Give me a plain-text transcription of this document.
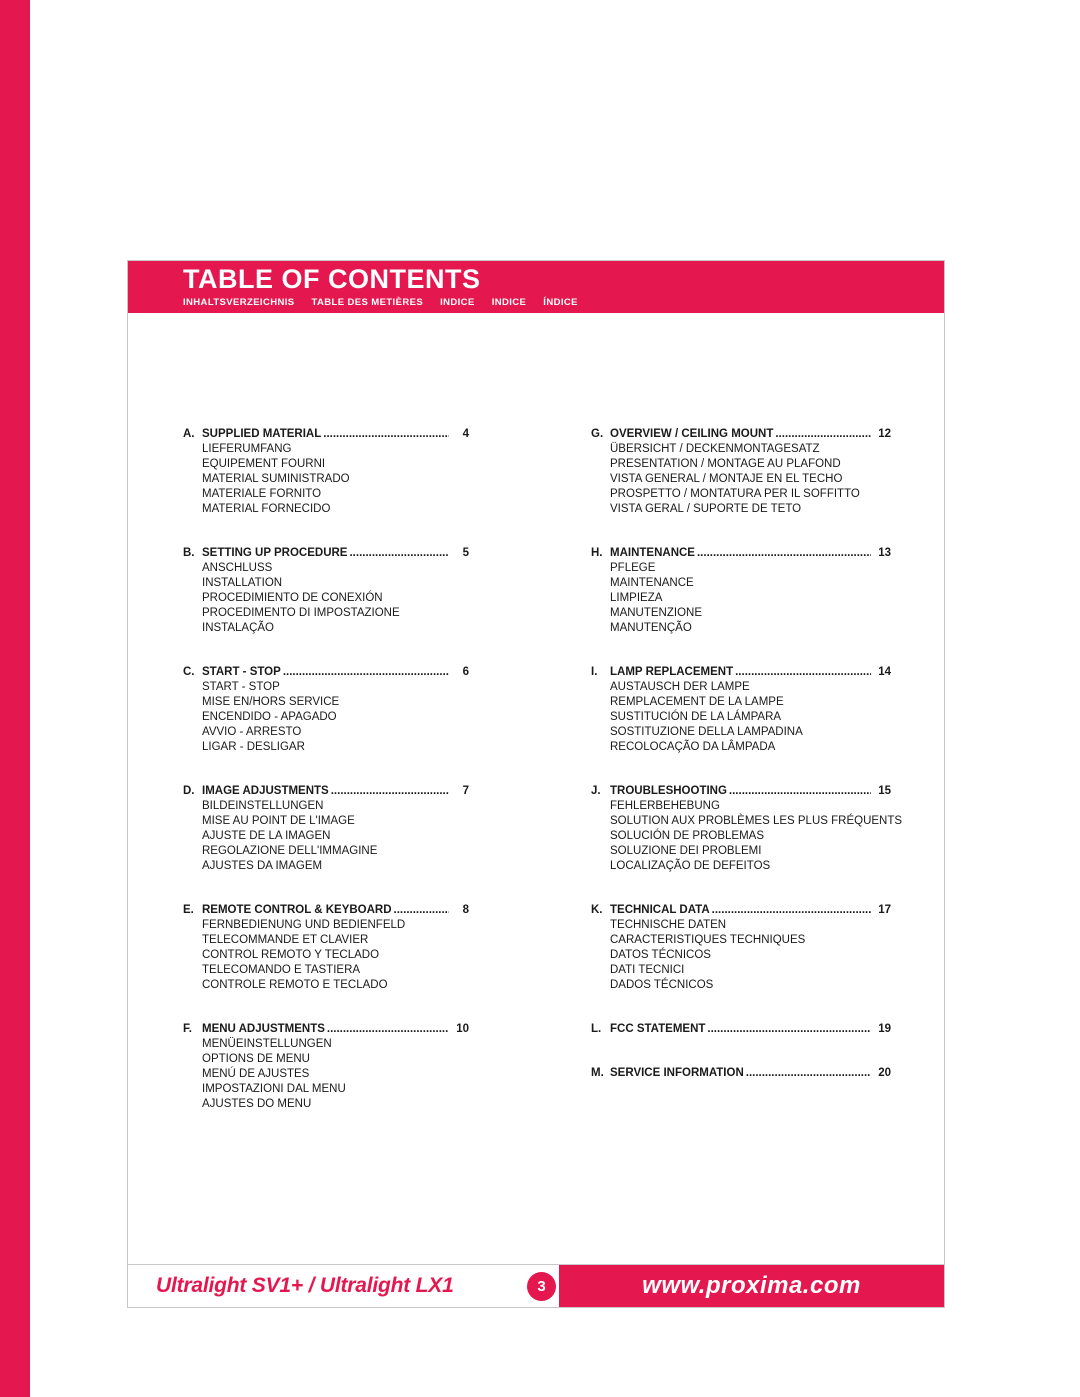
TABLE OF CONTENTS
INHALTSVERZEICHNIS TABLE DES METIÈRES INDICE INDICE ÍNDICE
A. SUPPLIED MATERIAL .....	4
LIEFERUMFANG
EQUIPEMENT FOURNI
MATERIAL SUMINISTRADO
MATERIALE FORNITO
MATERIAL FORNECIDO
B. SETTING UP PROCEDURE .....	5
ANSCHLUSS
INSTALLATION
PROCEDIMIENTO DE CONEXIÓN
PROCEDIMENTO DI IMPOSTAZIONE
INSTALAÇÃO
C. START - STOP .....	6
START - STOP
MISE EN/HORS SERVICE
ENCENDIDO - APAGADO
AVVIO - ARRESTO
LIGAR - DESLIGAR
D. IMAGE ADJUSTMENTS .....	7
BILDEINSTELLUNGEN
MISE AU POINT DE L'IMAGE
AJUSTE DE LA IMAGEN
REGOLAZIONE DELL'IMMAGINE
AJUSTES DA IMAGEM
E. REMOTE CONTROL & KEYBOARD .....	8
FERNBEDIENUNG UND BEDIENFELD
TELECOMMANDE ET CLAVIER
CONTROL REMOTO Y TECLADO
TELECOMANDO E TASTIERA
CONTROLE REMOTO E TECLADO
F. MENU ADJUSTMENTS .....	10
MENÜEINSTELLUNGEN
OPTIONS DE MENU
MENÚ DE AJUSTES
IMPOSTAZIONI DAL MENU
AJUSTES DO MENU
G. OVERVIEW / CEILING MOUNT .....	12
ÜBERSICHT / DECKENMONTAGESATZ
PRESENTATION / MONTAGE AU PLAFOND
VISTA GENERAL / MONTAJE EN EL TECHO
PROSPETTO / MONTATURA PER IL SOFFITTO
VISTA GERAL / SUPORTE DE TETO
H. MAINTENANCE .....	13
PFLEGE
MAINTENANCE
LIMPIEZA
MANUTENZIONE
MANUTENÇÃO
I.	LAMP REPLACEMENT .....	14
AUSTAUSCH DER LAMPE
REMPLACEMENT DE LA LAMPE
SUSTITUCIÓN DE LA LÁMPARA
SOSTITUZIONE DELLA LAMPADINA
RECOLOCAÇÃO DA LÂMPADA
J. TROUBLESHOOTING .....	15
FEHLERBEHEBUNG
SOLUTION AUX PROBLÈMES LES PLUS FRÉQUENTS
SOLUCIÓN DE PROBLEMAS
SOLUZIONE DEI PROBLEMI
LOCALIZAÇÃO DE DEFEITOS
K. TECHNICAL DATA .....	17
TECHNISCHE DATEN
CARACTERISTIQUES TECHNIQUES
DATOS TÉCNICOS
DATI TECNICI
DADOS TÉCNICOS
L. FCC STATEMENT .....	19
M. SERVICE INFORMATION .....	20
Ultralight SV1+ / Ultralight LX1	3	www.proxima.com
